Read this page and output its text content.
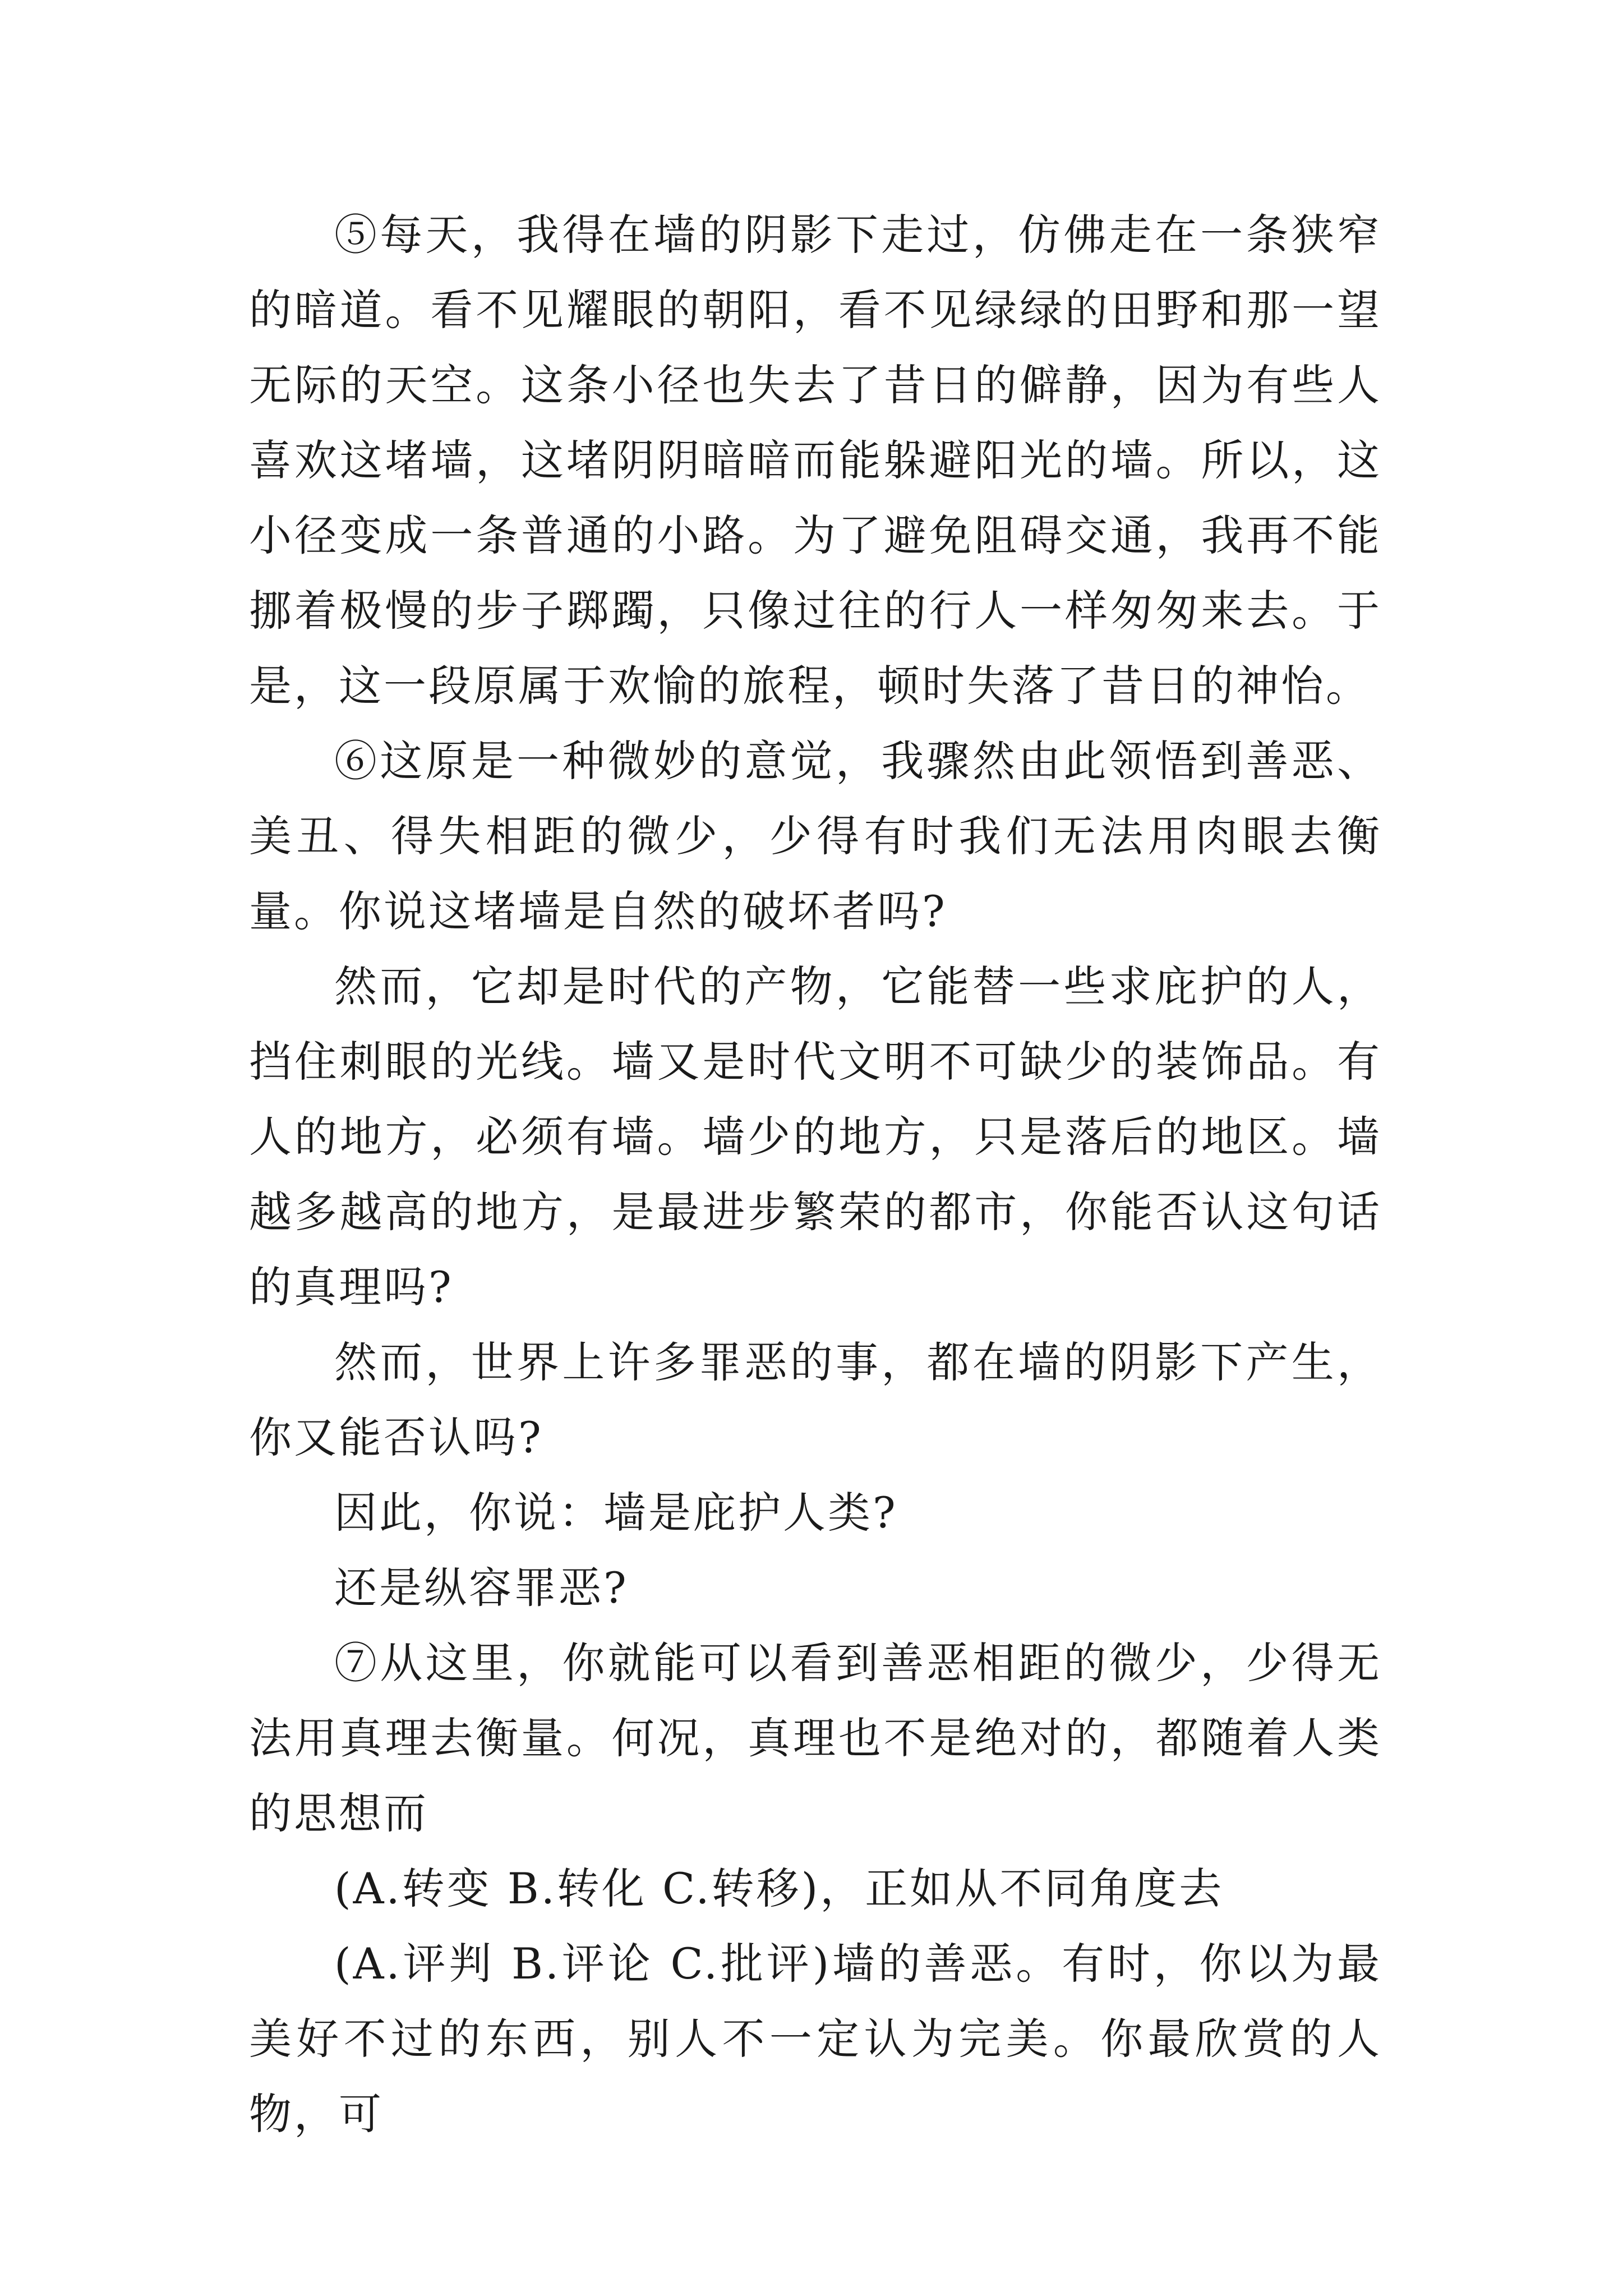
⑤每天，我得在墙的阴影下走过，仿佛走在一条狭窄的暗道。看不见耀眼的朝阳，看不见绿绿的田野和那一望无际的天空。这条小径也失去了昔日的僻静，因为有些人喜欢这堵墙，这堵阴阴暗暗而能躲避阳光的墙。所以，这小径变成一条普通的小路。为了避免阻碍交通，我再不能挪着极慢的步子踯躅，只像过往的行人一样匆匆来去。于是，这一段原属于欢愉的旅程，顿时失落了昔日的神怡。

⑥这原是一种微妙的意觉，我骤然由此领悟到善恶、美丑、得失相距的微少，少得有时我们无法用肉眼去衡量。你说这堵墙是自然的破坏者吗?

然而，它却是时代的产物，它能替一些求庇护的人，挡住刺眼的光线。墙又是时代文明不可缺少的装饰品。有人的地方，必须有墙。墙少的地方，只是落后的地区。墙越多越高的地方，是最进步繁荣的都市，你能否认这句话的真理吗?

然而，世界上许多罪恶的事，都在墙的阴影下产生，你又能否认吗?

因此，你说：墙是庇护人类?

还是纵容罪恶?

⑦从这里，你就能可以看到善恶相距的微少，少得无法用真理去衡量。何况，真理也不是绝对的，都随着人类的思想而

(A.转变 B.转化 C.转移)，正如从不同角度去

(A.评判 B.评论 C.批评)墙的善恶。有时，你以为最美好不过的东西，别人不一定认为完美。你最欣赏的人物，可
